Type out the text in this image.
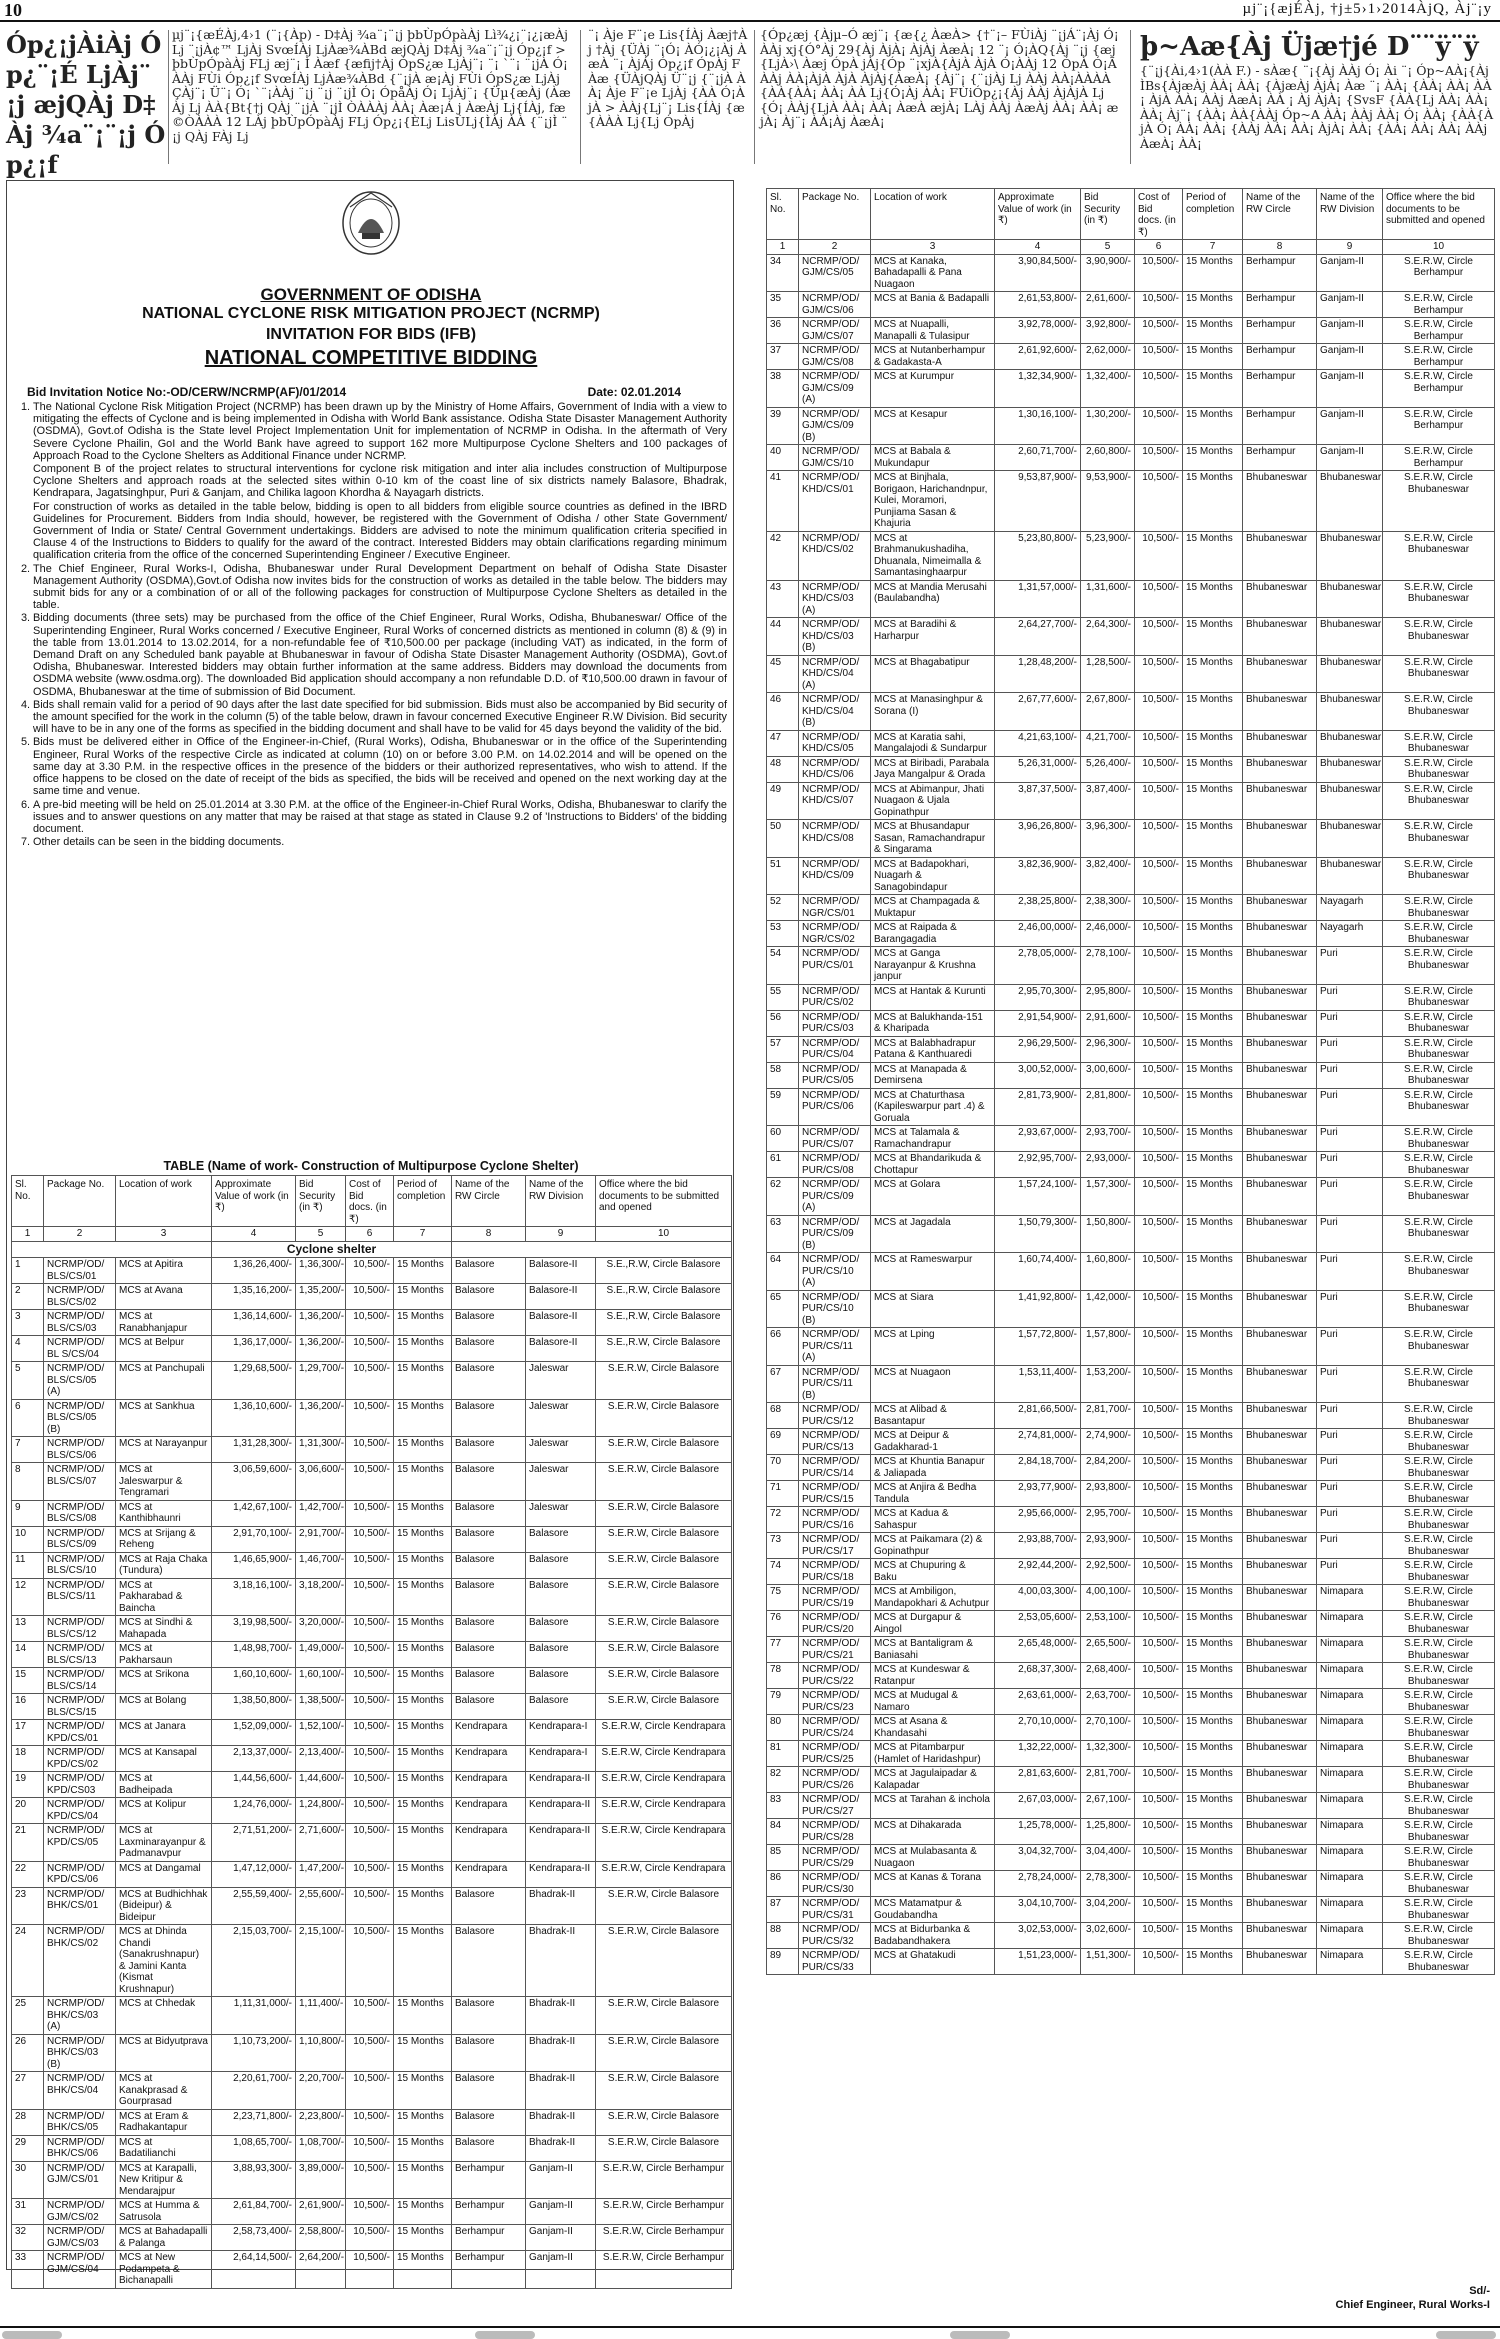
10	µj¨¡{æjÉÀj, †j±5›1›2014ÀjQ, Àj¨¡y
Óp¿¡jÀiÀj Óp¿¨¡É LjÀj¨¡j æjQÀj D‡Àj ¾a¨¡¨¡j Óp¿¡f
µj¨¡{æÉÀj,4›1 (¨¡{Àp) - D‡Àj ¾a¨¡¨¡j þbÙpÓpàÀj Lì¾¿¡¨¡¿¡æÀjLj ¨¡jÀ¢™ LjÀj SvœÍÀj LjÀæ¾ÀBd æjQÀj D‡Àj ¾a¨¡¨¡j Óp¿¡f > þbÙpÓpàÀj FLj æj¨¡ Ì Àæf {æfij†Àj ÓpS¿æ LjÀj¨¡ ¨¡ `¨¡ ¨¡jÀ Ó¡ ÀÀj FÙi Óp¿¡f SvœÍÀj LjÀæ¾ÀBd {¨¡jÀ æ¡Àj FÙi ÓpS¿æ LjÀj ÇÀj¨¡ Ü¨¡ Ó¡ `¨¡ÀÀj ¨¡j ¨¡j ¨¡jÌ Ó¡ ÓpåÀj Ó¡ LjÀj¨¡ {Üµ{æÀj (ÀæÀj Lj ÀÀ{Bt{†j QÀj ¨¡jÀ ¨¡jÌ ÒÀÀÀj ÀÀ¡ Àæ¡Á j ÀæÀj Lj{ÍÀj, fæ©ÒÀÀÀ 12 LÀj þbÙpÓpàÀj FLj Óp¿¡{ÈLj LisÙLj{ÌÀj ÀÀ {¨¡jÌ ¨¡j QÀj FÀj Lj
¨¡ Àje F¨¡e Lis{ÍÀj Àæj†Àj †Àj {ÜÀj ¨¡Ó¡ ÀÓ¡¿¡Àj ÀæÀ ¨¡ ÀjÁj Óp¿¡f ÓpÀj FÀæ {ÜÀjQÀj Ü¨¡j {¨¡jÀ ÀÀ¡ Àje F¨¡e LjÀj {ÀÀ Ó¡ÀjÀ > ÀÀj{Lj¨¡ Lis{ÍÀj {æ{ÀÀÀ Lj{Lj ÓpÀj
{Óp¿æj {Àjµ–Ó æj¨¡ {æ{¿ ÀæÀ> {†¨¡– FÙiÀj ¨¡jÁ¨¡Àj Ó¡ ÀÀj xj{Ó°Àj 29{Àj ÀjÀ¡ ÀjÀj ÀæÀ¡ 12 ¨¡ Ó¡ÀQ{Àj ¨¡j {æj{LjÀ›\ Àæj ÓpÀ jÀj{Óp ¨¡xjÀ{ÀjÀ ÀjÀ Ó¡ÀÀj 12 ÓpÀ Ó¡Ã ÀÀj ÀÀ¡ÀjÀ ÀjÀ ÀjÀj{ÀæÀ¡ {Àj¨¡ {¨¡jÀj Lj ÀÀj ÀÀ¡ÀÀÀÀ {ÀÀ{ÀÀ¡ ÀÀ¡ ÀÀ Lj{Ó¡Àj ÀÀ¡ FÙiÓp¿¡{Àj ÀÀj ÀjÀjÀ Lj{Ó¡ ÀÀj{LjÀ ÀÀ¡ ÀÀ¡ ÀæÀ æjÀ¡ LÀj ÀÀj ÀæÀj ÀÀ¡ ÀÀ¡ æjÀ¡ Àj¨¡ ÀÀ¡Àj ÀæÀ¡
þ~Aæ{Àj Üjæ†jé D¨¨ÿ¨ÿ
{¨¡j{Ài,4›1(ÀÀ F.) - sÀæ{ ¨¡{Àj ÀÀj Ó¡ Ài ¨¡ Óp~AÀ¡{Àj ÌBs{ÀjæÀj ÀÀ¡ ÀÀ¡ {ÀjæÀj ÀjÀ¡ Àæ ¨¡ ÀÀ¡ {ÀÀ¡ ÀÀ¡ ÀÀ¡ ÀjÀ ÀÀ¡ ÀÀj ÀæÀ¡ ÀÀ ¡ Àj ÀjÀ¡ {SvsF {ÀÀ{Lj ÀÀ¡ ÀÀ¡ ÀÀ¡ Àj¨¡ {ÀÀ¡ ÀÀ{ÀÀj Óp~A ÀÀ¡ ÀÀj ÀÀ¡ Ó¡ ÀÀ¡ {ÀÀ{ÀjÀ Ó¡ ÀÀ¡ ÀÀ¡ {ÀÀj ÀÀ¡ ÀÀ¡ ÀjÀ¡ ÀÀ¡ {ÀÀ¡ ÀÀ¡ ÀÀ¡ ÀÀj ÀæÀ¡ ÀÀ¡
GOVERNMENT OF ODISHA
NATIONAL CYCLONE RISK MITIGATION PROJECT (NCRMP)
INVITATION FOR BIDS (IFB)
NATIONAL COMPETITIVE BIDDING
Bid Invitation Notice No:-OD/CERW/NCRMP(AF)/01/2014	Date: 02.01.2014
1. The National Cyclone Risk Mitigation Project (NCRMP) has been drawn up by the Ministry of Home Affairs, Government of India with a view to mitigating the effects of Cyclone and is being implemented in Odisha with World Bank assistance. Odisha State Disaster Management Authority (OSDMA), Govt.of Odisha is the State level Project Implementation Unit for implementation of NCRMP in Odisha. In the aftermath of Very Severe Cyclone Phailin, GoI and the World Bank have agreed to support 162 more Multipurpose Cyclone Shelters and 100 packages of Approach Road to the Cyclone Shelters as Additional Finance under NCRMP.
Component B of the project relates to structural interventions for cyclone risk mitigation and inter alia includes construction of Multipurpose Cyclone Shelters and approach roads at the selected sites within 0-10 km of the coast line of six districts namely Balasore, Bhadrak, Kendrapara, Jagatsinghpur, Puri & Ganjam, and Chilika lagoon Khordha & Nayagarh districts.
For construction of works as detailed in the table below, bidding is open to all bidders from eligible source countries as defined in the IBRD Guidelines for Procurement. Bidders from India should, however, be registered with the Government of Odisha / other State Government/ Government of India or State/ Central Government undertakings. Bidders are advised to note the minimum qualification criteria specified in Clause 4 of the Instructions to Bidders to qualify for the award of the contract. Interested Bidders may obtain clarifications regarding minimum qualification criteria from the office of the concerned Superintending Engineer / Executive Engineer.
2. The Chief Engineer, Rural Works-I, Odisha, Bhubaneswar under Rural Development Department on behalf of Odisha State Disaster Management Authority (OSDMA),Govt.of Odisha now invites bids for the construction of works as detailed in the table below. The bidders may submit bids for any or a combination of or all of the following packages for construction of Multipurpose Cyclone Shelters as detailed in the table.
3. Bidding documents (three sets) may be purchased from the office of the Chief Engineer, Rural Works, Odisha, Bhubaneswar/ Office of the Superintending Engineer, Rural Works concerned / Executive Engineer, Rural Works of concerned districts as mentioned in column (8) & (9) in the table from 13.01.2014 to 13.02.2014, for a non-refundable fee of ₹10,500.00 per package (including VAT) as indicated, in the form of Demand Draft on any Scheduled bank payable at Bhubaneswar in favour of Odisha State Disaster Management Authority (OSDMA), Govt.of Odisha, Bhubaneswar. Interested bidders may obtain further information at the same address. Bidders may download the documents from OSDMA website (www.osdma.org). The downloaded Bid application should accompany a non refundable D.D. of ₹10,500.00 drawn in favour of OSDMA, Bhubaneswar at the time of submission of Bid Document.
4. Bids shall remain valid for a period of 90 days after the last date specified for bid submission. Bids must also be accompanied by Bid security of the amount specified for the work in the column (5) of the table below, drawn in favour concerned Executive Engineer R.W Division. Bid security will have to be in any one of the forms as specified in the bidding document and shall have to be valid for 45 days beyond the validity of the bid.
5. Bids must be delivered either in Office of the Engineer-in-Chief, (Rural Works), Odisha, Bhubaneswar or in the office of the Superintending Engineer, Rural Works of the respective Circle as indicated at column (10) on or before 3.00 P.M. on 14.02.2014 and will be opened on the same day at 3.30 P.M. in the respective offices in the presence of the bidders or their authorized representatives, who wish to attend. If the office happens to be closed on the date of receipt of the bids as specified, the bids will be received and opened on the next working day at the same time and venue.
6. A pre-bid meeting will be held on 25.01.2014 at 3.30 P.M. at the office of the Engineer-in-Chief Rural Works, Odisha, Bhubaneswar to clarify the issues and to answer questions on any matter that may be raised at that stage as stated in Clause 9.2 of 'Instructions to Bidders' of the bidding document.
7. Other details can be seen in the bidding documents.
TABLE (Name of work- Construction of Multipurpose Cyclone Shelter)
Sl. No.	Package No.	Location of work	Approximate Value of work (in ₹)	Bid Security (in ₹)	Cost of Bid docs. (in ₹)	Period of completion	Name of the RW Circle	Name of the RW Division	Office where the bid documents to be submitted and opened
1	2	3	4	5	6	7	8	9	10
			Cyclone shelter						
1	NCRMP/OD/ BLS/CS/01	MCS at Apitira	1,36,26,400/-	1,36,300/-	10,500/-	15 Months	Balasore	Balasore-II	S.E.,R.W, Circle Balasore
2	NCRMP/OD/ BLS/CS/02	MCS at Avana	1,35,16,200/-	1,35,200/-	10,500/-	15 Months	Balasore	Balasore-II	S.E.,R.W, Circle Balasore
3	NCRMP/OD/ BLS/CS/03	MCS at Ranabhanjapur	1,36,14,600/-	1,36,200/-	10,500/-	15 Months	Balasore	Balasore-II	S.E.,R.W, Circle Balasore
4	NCRMP/OD/ BL S/CS/04	MCS at Belpur	1,36,17,000/-	1,36,200/-	10,500/-	15 Months	Balasore	Balasore-II	S.E.,R.W, Circle Balasore
5	NCRMP/OD/ BLS/CS/05 (A)	MCS at Panchupali	1,29,68,500/-	1,29,700/-	10,500/-	15 Months	Balasore	Jaleswar	S.E.R.W, Circle Balasore
6	NCRMP/OD/ BLS/CS/05 (B)	MCS at Sankhua	1,36,10,600/-	1,36,200/-	10,500/-	15 Months	Balasore	Jaleswar	S.E.R.W, Circle Balasore
7	NCRMP/OD/ BLS/CS/06	MCS at Narayanpur	1,31,28,300/-	1,31,300/-	10,500/-	15 Months	Balasore	Jaleswar	S.E.R.W, Circle Balasore
8	NCRMP/OD/ BLS/CS/07	MCS at Jaleswarpur & Tengramari	3,06,59,600/-	3,06,600/-	10,500/-	15 Months	Balasore	Jaleswar	S.E.R.W, Circle Balasore
9	NCRMP/OD/ BLS/CS/08	MCS at Kanthibhaunri	1,42,67,100/-	1,42,700/-	10,500/-	15 Months	Balasore	Jaleswar	S.E.R.W, Circle Balasore
10	NCRMP/OD/ BLS/CS/09	MCS at Srijang & Reheng	2,91,70,100/-	2,91,700/-	10,500/-	15 Months	Balasore	Balasore	S.E.R.W, Circle Balasore
11	NCRMP/OD/ BLS/CS/10	MCS at Raja Chaka (Tundura)	1,46,65,900/-	1,46,700/-	10,500/-	15 Months	Balasore	Balasore	S.E.R.W, Circle Balasore
12	NCRMP/OD/ BLS/CS/11	MCS at Pakharabad & Baincha	3,18,16,100/-	3,18,200/-	10,500/-	15 Months	Balasore	Balasore	S.E.R.W, Circle Balasore
13	NCRMP/OD/ BLS/CS/12	MCS at Sindhi & Mahapada	3,19,98,500/-	3,20,000/-	10,500/-	15 Months	Balasore	Balasore	S.E.R.W, Circle Balasore
14	NCRMP/OD/ BLS/CS/13	MCS at Pakharsaun	1,48,98,700/-	1,49,000/-	10,500/-	15 Months	Balasore	Balasore	S.E.R.W, Circle Balasore
15	NCRMP/OD/ BLS/CS/14	MCS at Srikona	1,60,10,600/-	1,60,100/-	10,500/-	15 Months	Balasore	Balasore	S.E.R.W, Circle Balasore
16	NCRMP/OD/ BLS/CS/15	MCS at Bolang	1,38,50,800/-	1,38,500/-	10,500/-	15 Months	Balasore	Balasore	S.E.R.W, Circle Balasore
17	NCRMP/OD/ KPD/CS/01	MCS at Janara	1,52,09,000/-	1,52,100/-	10,500/-	15 Months	Kendrapara	Kendrapara-I	S.E.R.W, Circle Kendrapara
18	NCRMP/OD/ KPD/CS/02	MCS at Kansapal	2,13,37,000/-	2,13,400/-	10,500/-	15 Months	Kendrapara	Kendrapara-I	S.E.R.W, Circle Kendrapara
19	NCRMP/OD/ KPD/CS03	MCS at Badheipada	1,44,56,600/-	1,44,600/-	10,500/-	15 Months	Kendrapara	Kendrapara-II	S.E.R.W, Circle Kendrapara
20	NCRMP/OD/ KPD/CS/04	MCS at Kolipur	1,24,76,000/-	1,24,800/-	10,500/-	15 Months	Kendrapara	Kendrapara-II	S.E.R.W, Circle Kendrapara
21	NCRMP/OD/ KPD/CS/05	MCS at Laxminarayanpur & Padmanavpur	2,71,51,200/-	2,71,600/-	10,500/-	15 Months	Kendrapara	Kendrapara-II	S.E.R.W, Circle Kendrapara
22	NCRMP/OD/ KPD/CS/06	MCS at Dangamal	1,47,12,000/-	1,47,200/-	10,500/-	15 Months	Kendrapara	Kendrapara-II	S.E.R.W, Circle Kendrapara
23	NCRMP/OD/ BHK/CS/01	MCS at Budhichhak (Bideipur) & Bideipur	2,55,59,400/-	2,55,600/-	10,500/-	15 Months	Balasore	Bhadrak-II	S.E.R.W, Circle Balasore
24	NCRMP/OD/ BHK/CS/02	MCS at Dhinda Chandi (Sanakrushnapur) & Jamini Kanta (Kismat Krushnapur)	2,15,03,700/-	2,15,100/-	10,500/-	15 Months	Balasore	Bhadrak-II	S.E.R.W, Circle Balasore
25	NCRMP/OD/ BHK/CS/03 (A)	MCS at Chhedak	1,11,31,000/-	1,11,400/-	10,500/-	15 Months	Balasore	Bhadrak-II	S.E.R.W, Circle Balasore
26	NCRMP/OD/ BHK/CS/03 (B)	MCS at Bidyutprava	1,10,73,200/-	1,10,800/-	10,500/-	15 Months	Balasore	Bhadrak-II	S.E.R.W, Circle Balasore
27	NCRMP/OD/ BHK/CS/04	MCS at Kanakprasad & Gourprasad	2,20,61,700/-	2,20,700/-	10,500/-	15 Months	Balasore	Bhadrak-II	S.E.R.W, Circle Balasore
28	NCRMP/OD/ BHK/CS/05	MCS at Eram & Radhakantapur	2,23,71,800/-	2,23,800/-	10,500/-	15 Months	Balasore	Bhadrak-II	S.E.R.W, Circle Balasore
29	NCRMP/OD/ BHK/CS/06	MCS at Badatilianchi	1,08,65,700/-	1,08,700/-	10,500/-	15 Months	Balasore	Bhadrak-II	S.E.R.W, Circle Balasore
30	NCRMP/OD/ GJM/CS/01	MCS at Karapalli, New Kritipur & Mendarajpur	3,88,93,300/-	3,89,000/-	10,500/-	15 Months	Berhampur	Ganjam-II	S.E.R.W, Circle Berhampur
31	NCRMP/OD/ GJM/CS/02	MCS at Humma & Satrusola	2,61,84,700/-	2,61,900/-	10,500/-	15 Months	Berhampur	Ganjam-II	S.E.R.W, Circle Berhampur
32	NCRMP/OD/ GJM/CS/03	MCS at Bahadapalli & Palanga	2,58,73,400/-	2,58,800/-	10,500/-	15 Months	Berhampur	Ganjam-II	S.E.R.W, Circle Berhampur
33	NCRMP/OD/ GJM/CS/04	MCS at New Podampeta & Bichanapalli	2,64,14,500/-	2,64,200/-	10,500/-	15 Months	Berhampur	Ganjam-II	S.E.R.W, Circle Berhampur
Sl. No.	Package No.	Location of work	Approximate Value of work (in ₹)	Bid Security (in ₹)	Cost of Bid docs. (in ₹)	Period of completion	Name of the RW Circle	Name of the RW Division	Office where the bid documents to be submitted and opened
1	2	3	4	5	6	7	8	9	10
34	NCRMP/OD/ GJM/CS/05	MCS at Kanaka, Bahadapalli & Pana Nuagaon	3,90,84,500/-	3,90,900/-	10,500/-	15 Months	Berhampur	Ganjam-II	S.E.R.W, Circle Berhampur
35	NCRMP/OD/ GJM/CS/06	MCS at Bania & Badapalli	2,61,53,800/-	2,61,600/-	10,500/-	15 Months	Berhampur	Ganjam-II	S.E.R.W, Circle Berhampur
36	NCRMP/OD/ GJM/CS/07	MCS at Nuapalli, Manapalli & Tulasipur	3,92,78,000/-	3,92,800/-	10,500/-	15 Months	Berhampur	Ganjam-II	S.E.R.W, Circle Berhampur
37	NCRMP/OD/ GJM/CS/08	MCS at Nutanberhampur & Gadakasta-A	2,61,92,600/-	2,62,000/-	10,500/-	15 Months	Berhampur	Ganjam-II	S.E.R.W, Circle Berhampur
38	NCRMP/OD/ GJM/CS/09 (A)	MCS at Kurumpur	1,32,34,900/-	1,32,400/-	10,500/-	15 Months	Berhampur	Ganjam-II	S.E.R.W, Circle Berhampur
39	NCRMP/OD/ GJM/CS/09 (B)	MCS at Kesapur	1,30,16,100/-	1,30,200/-	10,500/-	15 Months	Berhampur	Ganjam-II	S.E.R.W, Circle Berhampur
40	NCRMP/OD/ GJM/CS/10	MCS at Babala & Mukundapur	2,60,71,700/-	2,60,800/-	10,500/-	15 Months	Berhampur	Ganjam-II	S.E.R.W, Circle Berhampur
41	NCRMP/OD/ KHD/CS/01	MCS at Binjhala, Borigaon, Harichandnpur, Kulei, Moramori, Punjiama Sasan & Khajuria	9,53,87,900/-	9,53,900/-	10,500/-	15 Months	Bhubaneswar	Bhubaneswar	S.E.R.W, Circle Bhubaneswar
42	NCRMP/OD/ KHD/CS/02	MCS at Brahmanukushadiha, Dhuanala, Nimeimalla & Samantasinghaarpur	5,23,80,800/-	5,23,900/-	10,500/-	15 Months	Bhubaneswar	Bhubaneswar	S.E.R.W, Circle Bhubaneswar
43	NCRMP/OD/ KHD/CS/03 (A)	MCS at Mandia Merusahi (Baulabandha)	1,31,57,000/-	1,31,600/-	10,500/-	15 Months	Bhubaneswar	Bhubaneswar	S.E.R.W, Circle Bhubaneswar
44	NCRMP/OD/ KHD/CS/03 (B)	MCS at Baradihi & Harharpur	2,64,27,700/-	2,64,300/-	10,500/-	15 Months	Bhubaneswar	Bhubaneswar	S.E.R.W, Circle Bhubaneswar
45	NCRMP/OD/ KHD/CS/04 (A)	MCS at Bhagabatipur	1,28,48,200/-	1,28,500/-	10,500/-	15 Months	Bhubaneswar	Bhubaneswar	S.E.R.W, Circle Bhubaneswar
46	NCRMP/OD/ KHD/CS/04 (B)	MCS at Manasinghpur & Sorana (I)	2,67,77,600/-	2,67,800/-	10,500/-	15 Months	Bhubaneswar	Bhubaneswar	S.E.R.W, Circle Bhubaneswar
47	NCRMP/OD/ KHD/CS/05	MCS at Karatia sahi, Mangalajodi & Sundarpur	4,21,63,100/-	4,21,700/-	10,500/-	15 Months	Bhubaneswar	Bhubaneswar	S.E.R.W, Circle Bhubaneswar
48	NCRMP/OD/ KHD/CS/06	MCS at Biribadi, Parabala Jaya Mangalpur & Orada	5,26,31,000/-	5,26,400/-	10,500/-	15 Months	Bhubaneswar	Bhubaneswar	S.E.R.W, Circle Bhubaneswar
49	NCRMP/OD/ KHD/CS/07	MCS at Abimanpur, Jhati Nuagaon & Ujala Gopinathpur	3,87,37,500/-	3,87,400/-	10,500/-	15 Months	Bhubaneswar	Bhubaneswar	S.E.R.W, Circle Bhubaneswar
50	NCRMP/OD/ KHD/CS/08	MCS at Bhusandapur Sasan, Ramachandrapur & Singarama	3,96,26,800/-	3,96,300/-	10,500/-	15 Months	Bhubaneswar	Bhubaneswar	S.E.R.W, Circle Bhubaneswar
51	NCRMP/OD/ KHD/CS/09	MCS at Badapokhari, Nuagarh & Sanagobindapur	3,82,36,900/-	3,82,400/-	10,500/-	15 Months	Bhubaneswar	Bhubaneswar	S.E.R.W, Circle Bhubaneswar
52	NCRMP/OD/ NGR/CS/01	MCS at Champagada & Muktapur	2,38,25,800/-	2,38,300/-	10,500/-	15 Months	Bhubaneswar	Nayagarh	S.E.R.W, Circle Bhubaneswar
53	NCRMP/OD/ NGR/CS/02	MCS at Raipada & Barangagadia	2,46,00,000/-	2,46,000/-	10,500/-	15 Months	Bhubaneswar	Nayagarh	S.E.R.W, Circle Bhubaneswar
54	NCRMP/OD/ PUR/CS/01	MCS at Ganga Narayanpur & Krushna janpur	2,78,05,000/-	2,78,100/-	10,500/-	15 Months	Bhubaneswar	Puri	S.E.R.W, Circle Bhubaneswar
55	NCRMP/OD/ PUR/CS/02	MCS at Hantak & Kurunti	2,95,70,300/-	2,95,800/-	10,500/-	15 Months	Bhubaneswar	Puri	S.E.R.W, Circle Bhubaneswar
56	NCRMP/OD/ PUR/CS/03	MCS at Balukhanda-151 & Kharipada	2,91,54,900/-	2,91,600/-	10,500/-	15 Months	Bhubaneswar	Puri	S.E.R.W, Circle Bhubaneswar
57	NCRMP/OD/ PUR/CS/04	MCS at Balabhadrapur Patana & Kanthuaredi	2,96,29,500/-	2,96,300/-	10,500/-	15 Months	Bhubaneswar	Puri	S.E.R.W, Circle Bhubaneswar
58	NCRMP/OD/ PUR/CS/05	MCS at Manapada & Demirsena	3,00,52,000/-	3,00,600/-	10,500/-	15 Months	Bhubaneswar	Puri	S.E.R.W, Circle Bhubaneswar
59	NCRMP/OD/ PUR/CS/06	MCS at Chaturthasa (Kapileswarpur part .4) & Goruala	2,81,73,900/-	2,81,800/-	10,500/-	15 Months	Bhubaneswar	Puri	S.E.R.W, Circle Bhubaneswar
60	NCRMP/OD/ PUR/CS/07	MCS at Talamala & Ramachandrapur	2,93,67,000/-	2,93,700/-	10,500/-	15 Months	Bhubaneswar	Puri	S.E.R.W, Circle Bhubaneswar
61	NCRMP/OD/ PUR/CS/08	MCS at Bhandarikuda & Chottapur	2,92,95,700/-	2,93,000/-	10,500/-	15 Months	Bhubaneswar	Puri	S.E.R.W, Circle Bhubaneswar
62	NCRMP/OD/ PUR/CS/09 (A)	MCS at Golara	1,57,24,100/-	1,57,300/-	10,500/-	15 Months	Bhubaneswar	Puri	S.E.R.W, Circle Bhubaneswar
63	NCRMP/OD/ PUR/CS/09 (B)	MCS at Jagadala	1,50,79,300/-	1,50,800/-	10,500/-	15 Months	Bhubaneswar	Puri	S.E.R.W, Circle Bhubaneswar
64	NCRMP/OD/ PUR/CS/10 (A)	MCS at Rameswarpur	1,60,74,400/-	1,60,800/-	10,500/-	15 Months	Bhubaneswar	Puri	S.E.R.W, Circle Bhubaneswar
65	NCRMP/OD/ PUR/CS/10 (B)	MCS at Siara	1,41,92,800/-	1,42,000/-	10,500/-	15 Months	Bhubaneswar	Puri	S.E.R.W, Circle Bhubaneswar
66	NCRMP/OD/ PUR/CS/11 (A)	MCS at Lping	1,57,72,800/-	1,57,800/-	10,500/-	15 Months	Bhubaneswar	Puri	S.E.R.W, Circle Bhubaneswar
67	NCRMP/OD/ PUR/CS/11 (B)	MCS at Nuagaon	1,53,11,400/-	1,53,200/-	10,500/-	15 Months	Bhubaneswar	Puri	S.E.R.W, Circle Bhubaneswar
68	NCRMP/OD/ PUR/CS/12	MCS at Alibad & Basantapur	2,81,66,500/-	2,81,700/-	10,500/-	15 Months	Bhubaneswar	Puri	S.E.R.W, Circle Bhubaneswar
69	NCRMP/OD/ PUR/CS/13	MCS at Deipur & Gadakharad-1	2,74,81,000/-	2,74,900/-	10,500/-	15 Months	Bhubaneswar	Puri	S.E.R.W, Circle Bhubaneswar
70	NCRMP/OD/ PUR/CS/14	MCS at Khuntia Banapur & Jaliapada	2,84,18,700/-	2,84,200/-	10,500/-	15 Months	Bhubaneswar	Puri	S.E.R.W, Circle Bhubaneswar
71	NCRMP/OD/ PUR/CS/15	MCS at Anjira & Bedha Tandula	2,93,77,900/-	2,93,800/-	10,500/-	15 Months	Bhubaneswar	Puri	S.E.R.W, Circle Bhubaneswar
72	NCRMP/OD/ PUR/CS/16	MCS at Kadua & Sahaspur	2,95,66,000/-	2,95,700/-	10,500/-	15 Months	Bhubaneswar	Puri	S.E.R.W, Circle Bhubaneswar
73	NCRMP/OD/ PUR/CS/17	MCS at Paikamara (2) & Gopinathpur	2,93,88,700/-	2,93,900/-	10,500/-	15 Months	Bhubaneswar	Puri	S.E.R.W, Circle Bhubaneswar
74	NCRMP/OD/ PUR/CS/18	MCS at Chupuring & Baku	2,92,44,200/-	2,92,500/-	10,500/-	15 Months	Bhubaneswar	Puri	S.E.R.W, Circle Bhubaneswar
75	NCRMP/OD/ PUR/CS/19	MCS at Ambiligon, Mandapokhari & Achutpur	4,00,03,300/-	4,00,100/-	10,500/-	15 Months	Bhubaneswar	Nimapara	S.E.R.W, Circle Bhubaneswar
76	NCRMP/OD/ PUR/CS/20	MCS at Durgapur & Aingol	2,53,05,600/-	2,53,100/-	10,500/-	15 Months	Bhubaneswar	Nimapara	S.E.R.W, Circle Bhubaneswar
77	NCRMP/OD/ PUR/CS/21	MCS at Bantaligram & Baniasahi	2,65,48,000/-	2,65,500/-	10,500/-	15 Months	Bhubaneswar	Nimapara	S.E.R.W, Circle Bhubaneswar
78	NCRMP/OD/ PUR/CS/22	MCS at Kundeswar & Ratanpur	2,68,37,300/-	2,68,400/-	10,500/-	15 Months	Bhubaneswar	Nimapara	S.E.R.W, Circle Bhubaneswar
79	NCRMP/OD/ PUR/CS/23	MCS at Mudugal & Namaro	2,63,61,000/-	2,63,700/-	10,500/-	15 Months	Bhubaneswar	Nimapara	S.E.R.W, Circle Bhubaneswar
80	NCRMP/OD/ PUR/CS/24	MCS at Asana & Khandasahi	2,70,10,000/-	2,70,100/-	10,500/-	15 Months	Bhubaneswar	Nimapara	S.E.R.W, Circle Bhubaneswar
81	NCRMP/OD/ PUR/CS/25	MCS at Pitambarpur (Hamlet of Haridashpur)	1,32,22,000/-	1,32,300/-	10,500/-	15 Months	Bhubaneswar	Nimapara	S.E.R.W, Circle Bhubaneswar
82	NCRMP/OD/ PUR/CS/26	MCS at Jagulaipadar & Kalapadar	2,81,63,600/-	2,81,700/-	10,500/-	15 Months	Bhubaneswar	Nimapara	S.E.R.W, Circle Bhubaneswar
83	NCRMP/OD/ PUR/CS/27	MCS at Tarahan & inchola	2,67,03,000/-	2,67,100/-	10,500/-	15 Months	Bhubaneswar	Nimapara	S.E.R.W, Circle Bhubaneswar
84	NCRMP/OD/ PUR/CS/28	MCS at Dihakarada	1,25,78,000/-	1,25,800/-	10,500/-	15 Months	Bhubaneswar	Nimapara	S.E.R.W, Circle Bhubaneswar
85	NCRMP/OD/ PUR/CS/29	MCS at Mulabasanta & Nuagaon	3,04,32,700/-	3,04,400/-	10,500/-	15 Months	Bhubaneswar	Nimapara	S.E.R.W, Circle Bhubaneswar
86	NCRMP/OD/ PUR/CS/30	MCS at Kanas & Torana	2,78,24,000/-	2,78,300/-	10,500/-	15 Months	Bhubaneswar	Nimapara	S.E.R.W, Circle Bhubaneswar
87	NCRMP/OD/ PUR/CS/31	MCS Matamatpur & Goudabandha	3,04,10,700/-	3,04,200/-	10,500/-	15 Months	Bhubaneswar	Nimapara	S.E.R.W, Circle Bhubaneswar
88	NCRMP/OD/ PUR/CS/32	MCS at Bidurbanka & Badabandhakera	3,02,53,000/-	3,02,600/-	10,500/-	15 Months	Bhubaneswar	Nimapara	S.E.R.W, Circle Bhubaneswar
89	NCRMP/OD/ PUR/CS/33	MCS at Ghatakudi	1,51,23,000/-	1,51,300/-	10,500/-	15 Months	Bhubaneswar	Nimapara	S.E.R.W, Circle Bhubaneswar
Sd/-
Chief Engineer, Rural Works-I
